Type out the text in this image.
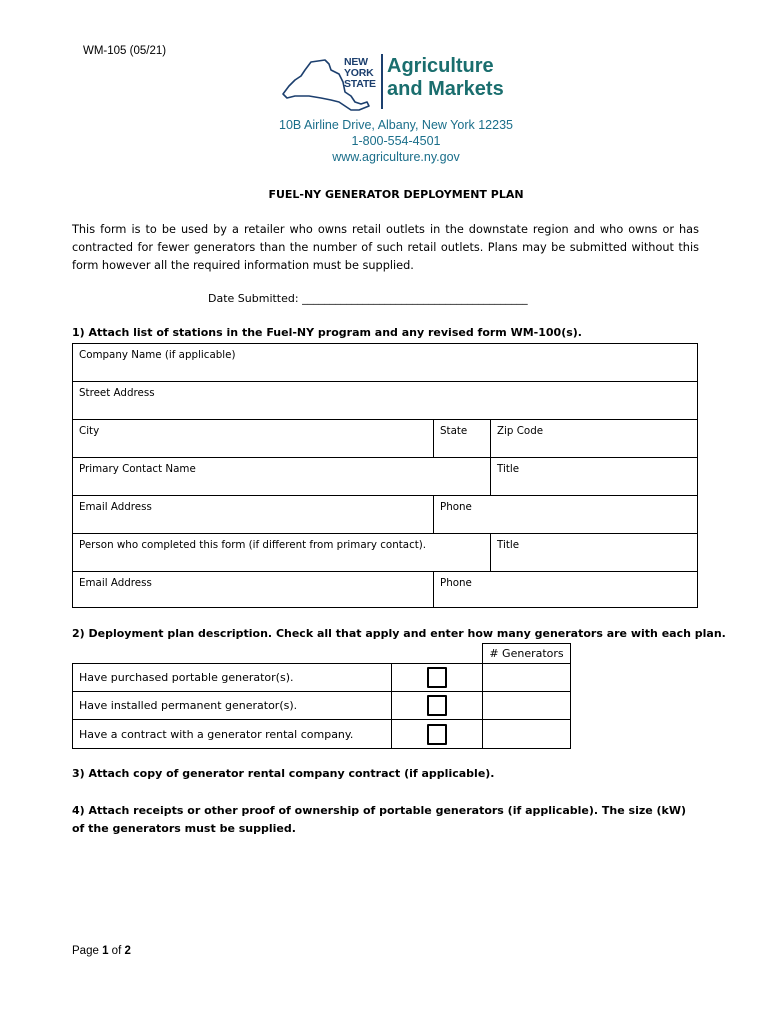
WM-105 (05/21)
NEW
YORK
STATE
Agriculture
and Markets
10B Airline Drive, Albany, New York 12235
1-800-554-4501
www.agriculture.ny.gov
FUEL-NY GENERATOR DEPLOYMENT PLAN
This form is to be used by a retailer who owns retail outlets in the downstate region and who owns or has contracted for fewer generators than the number of such retail outlets. Plans may be submitted without this form however all the required information must be supplied.
Date Submitted: _________________________________________
1) Attach list of stations in the Fuel-NY program and any revised form WM-100(s).
Company Name (if applicable)
Street Address
City	State	Zip Code
Primary Contact Name	Title
Email Address	Phone
Person who completed this form (if different from primary contact).	Title
Email Address	Phone
2) Deployment plan description. Check all that apply and enter how many generators are with each plan.
# Generators
Have purchased portable generator(s).
Have installed permanent generator(s).
Have a contract with a generator rental company.
3) Attach copy of generator rental company contract (if applicable).
4) Attach receipts or other proof of ownership of portable generators (if applicable). The size (kW) of the generators must be supplied.
Page 1 of 2
